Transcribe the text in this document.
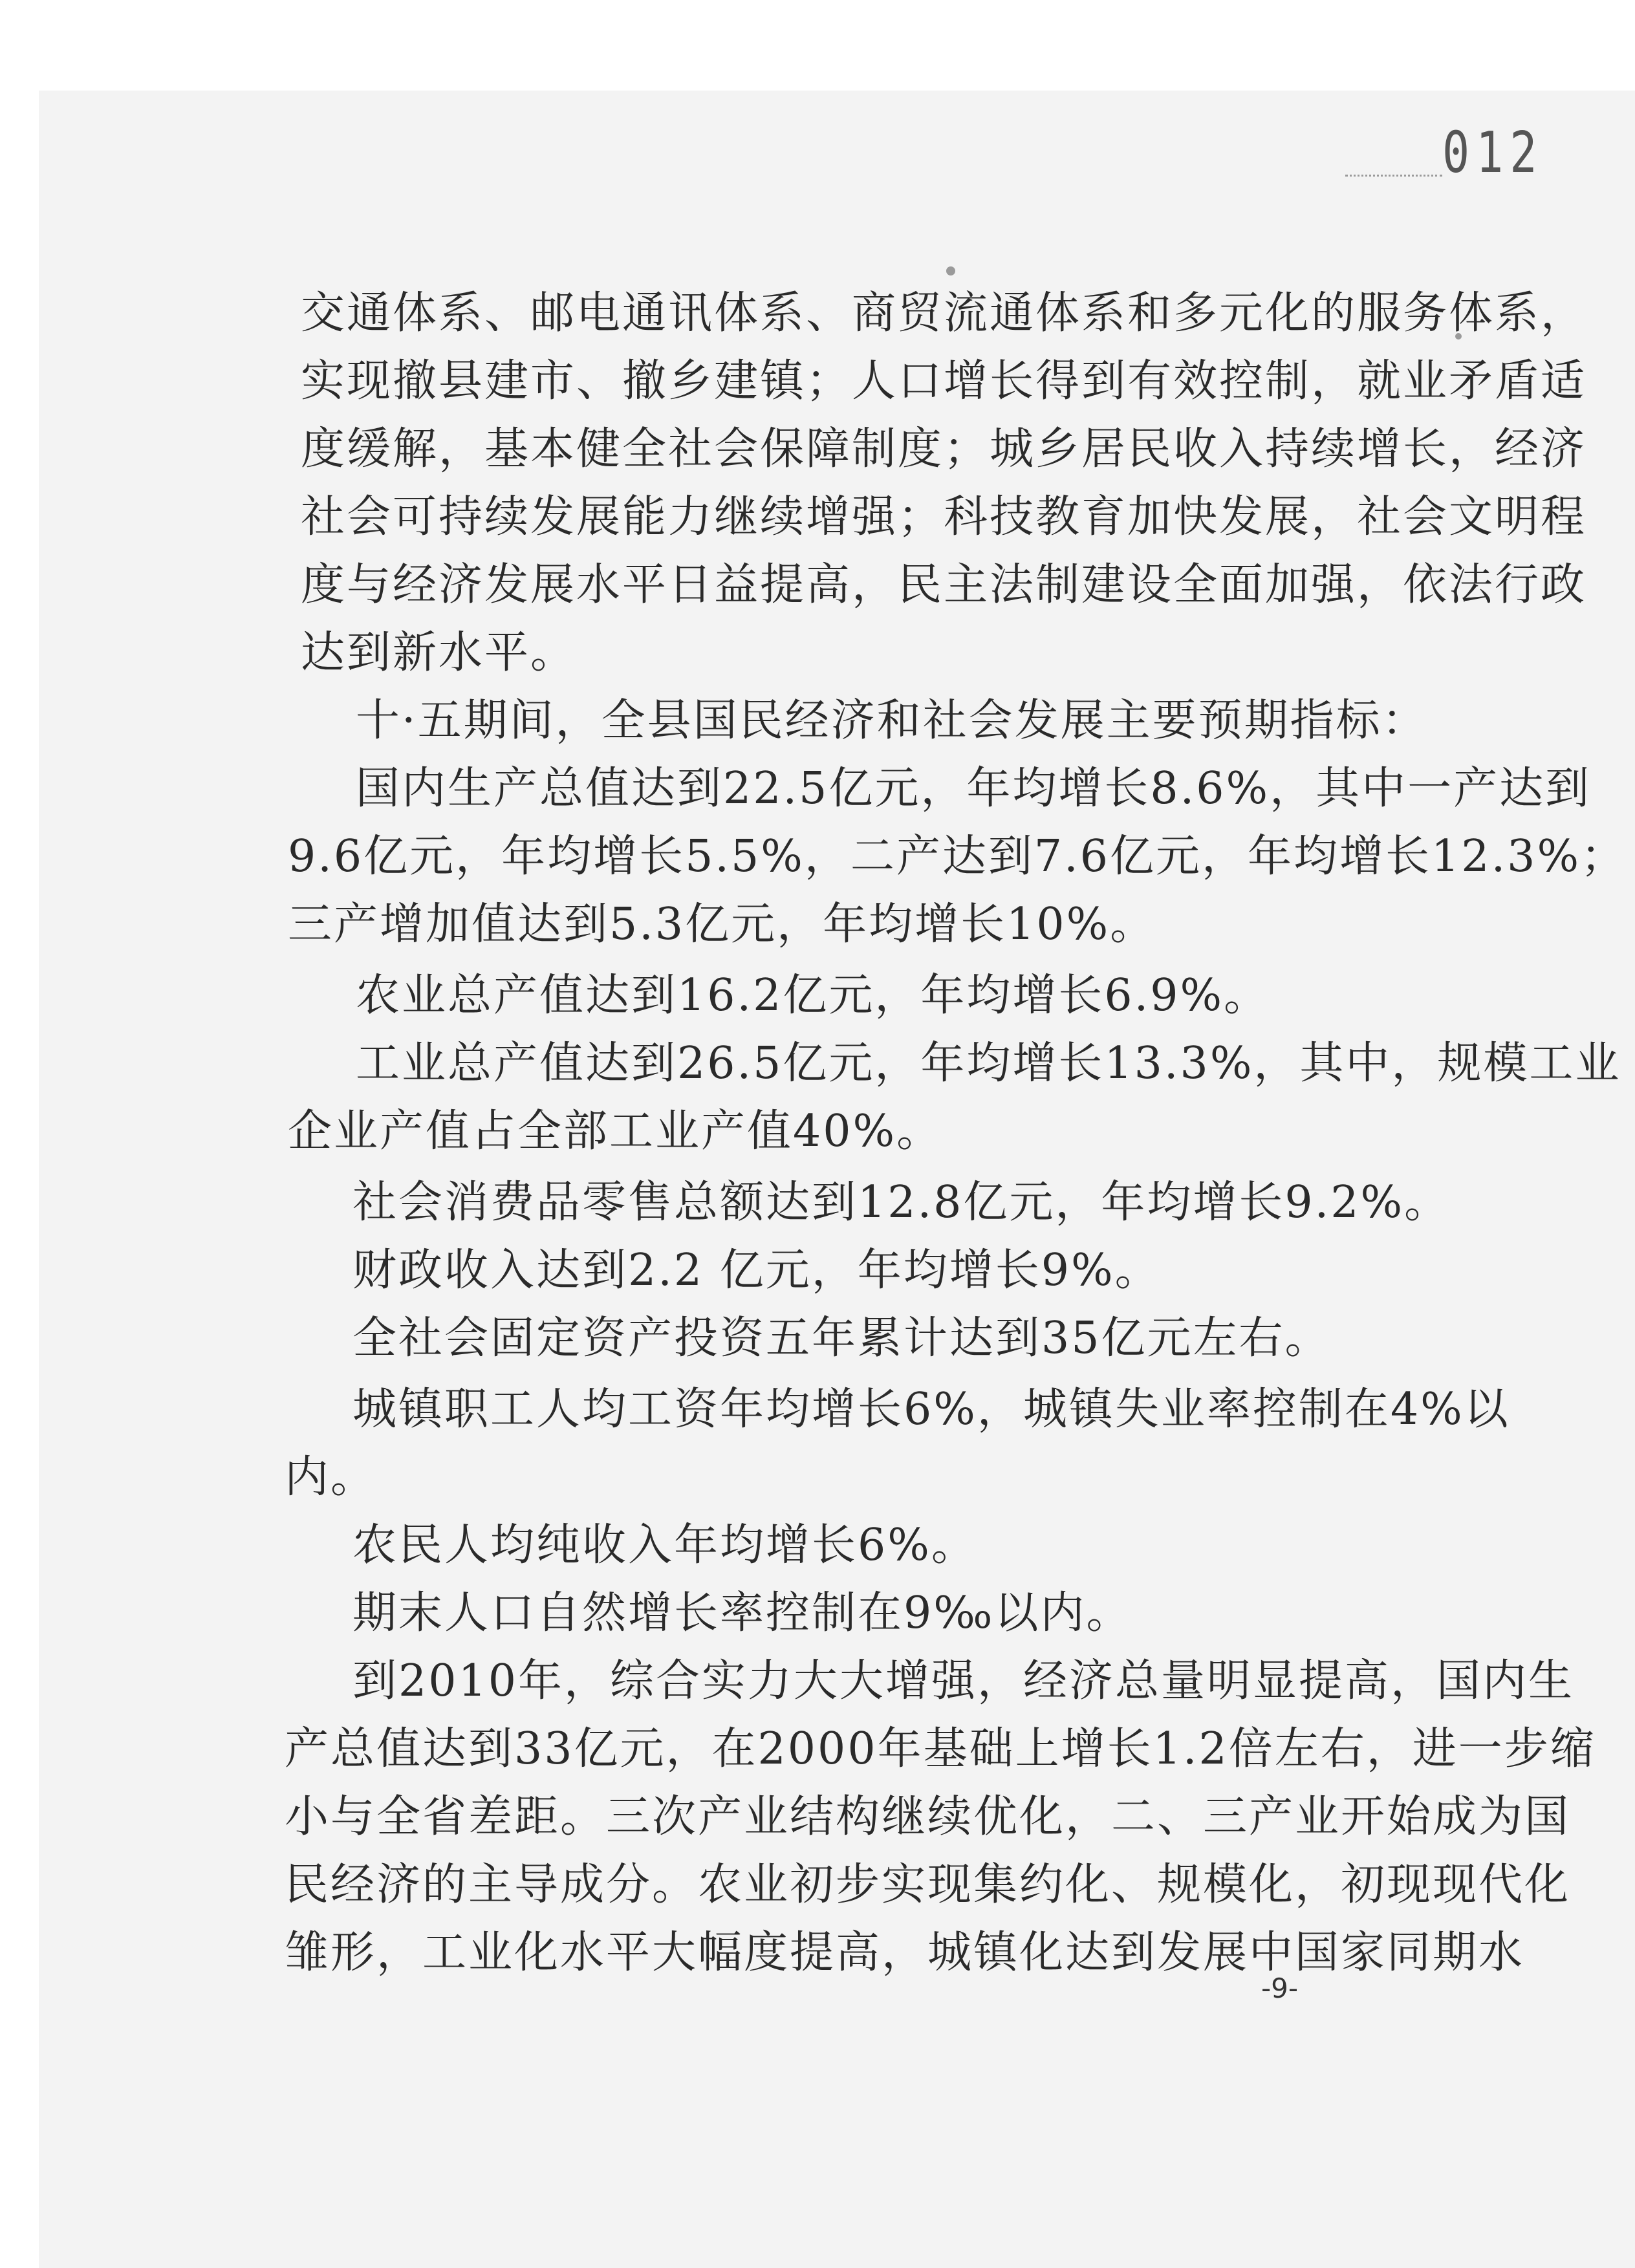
012
交通体系、邮电通讯体系、商贸流通体系和多元化的服务体系，
实现撤县建市、撤乡建镇；人口增长得到有效控制，就业矛盾适
度缓解，基本健全社会保障制度；城乡居民收入持续增长，经济
社会可持续发展能力继续增强；科技教育加快发展，社会文明程
度与经济发展水平日益提高，民主法制建设全面加强，依法行政
达到新水平。
十·五期间，全县国民经济和社会发展主要预期指标：
国内生产总值达到22.5亿元，年均增长8.6%，其中一产达到
9.6亿元，年均增长5.5%，二产达到7.6亿元，年均增长12.3%；
三产增加值达到5.3亿元，年均增长10%。
农业总产值达到16.2亿元，年均增长6.9%。
工业总产值达到26.5亿元，年均增长13.3%，其中，规模工业
企业产值占全部工业产值40%。
社会消费品零售总额达到12.8亿元，年均增长9.2%。
财政收入达到2.2 亿元，年均增长9%。
全社会固定资产投资五年累计达到35亿元左右。
城镇职工人均工资年均增长6%，城镇失业率控制在4%以
内。
农民人均纯收入年均增长6%。
期末人口自然增长率控制在9‰以内。
到2010年，综合实力大大增强，经济总量明显提高，国内生
产总值达到33亿元，在2000年基础上增长1.2倍左右，进一步缩
小与全省差距。三次产业结构继续优化，二、三产业开始成为国
民经济的主导成分。农业初步实现集约化、规模化，初现现代化
雏形，工业化水平大幅度提高，城镇化达到发展中国家同期水
-9-
